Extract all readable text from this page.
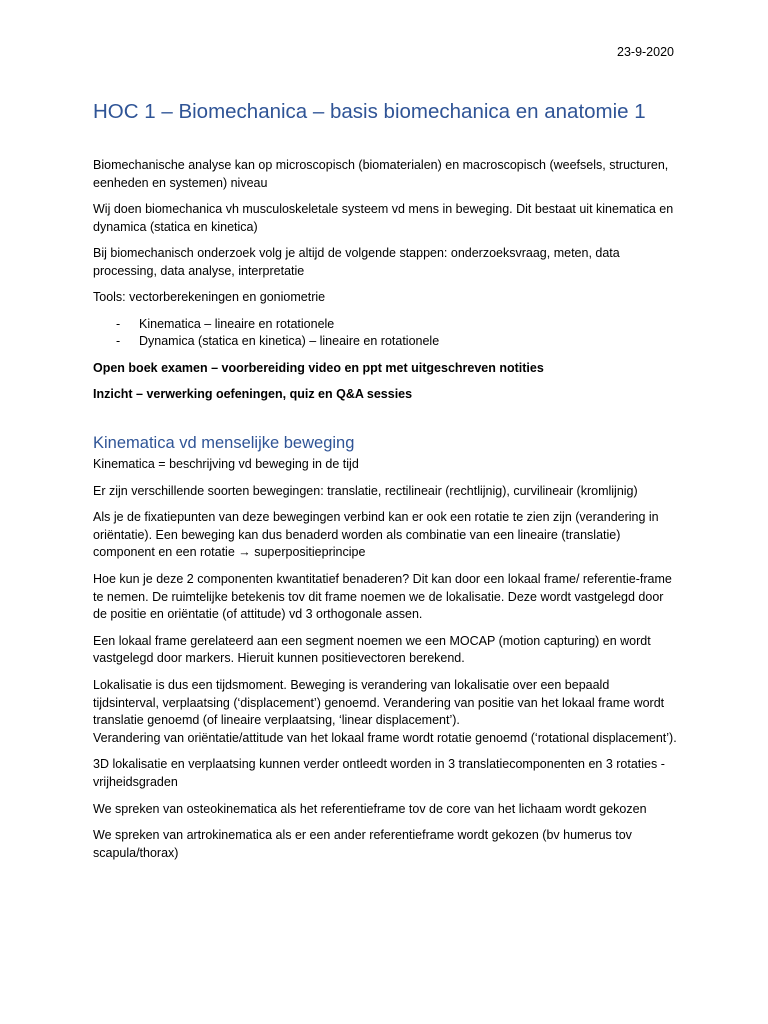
23-9-2020
HOC 1 – Biomechanica – basis biomechanica en anatomie 1

Biomechanische analyse kan op microscopisch (biomaterialen) en macroscopisch (weefsels, structuren, eenheden en systemen) niveau

Wij doen biomechanica vh musculoskeletale systeem vd mens in beweging. Dit bestaat uit kinematica en dynamica (statica en kinetica)

Bij biomechanisch onderzoek volg je altijd de volgende stappen: onderzoeksvraag, meten, data processing, data analyse, interpretatie

Tools: vectorberekeningen en goniometrie

- Kinematica – lineaire en rotationele
- Dynamica (statica en kinetica) – lineaire en rotationele

Open boek examen – voorbereiding video en ppt met uitgeschreven notities

Inzicht – verwerking oefeningen, quiz en Q&A sessies

Kinematica vd menselijke beweging

Kinematica = beschrijving vd beweging in de tijd

Er zijn verschillende soorten bewegingen: translatie, rectilineair (rechtlijnig), curvilineair (kromlijnig)

Als je de fixatiepunten van deze bewegingen verbind kan er ook een rotatie te zien zijn (verandering in oriëntatie). Een beweging kan dus benaderd worden als combinatie van een lineaire (translatie) component en een rotatie → superpositieprincipe

Hoe kun je deze 2 componenten kwantitatief benaderen? Dit kan door een lokaal frame/ referentie-frame te nemen. De ruimtelijke betekenis tov dit frame noemen we de lokalisatie. Deze wordt vastgelegd door de positie en oriëntatie (of attitude) vd 3 orthogonale assen.

Een lokaal frame gerelateerd aan een segment noemen we een MOCAP (motion capturing) en wordt vastgelegd door markers. Hieruit kunnen positievectoren berekend.

Lokalisatie is dus een tijdsmoment. Beweging is verandering van lokalisatie over een bepaald tijdsinterval, verplaatsing (‘displacement’) genoemd. Verandering van positie van het lokaal frame wordt translatie genoemd (of lineaire verplaatsing, ‘linear displacement’).
Verandering van oriëntatie/attitude van het lokaal frame wordt rotatie genoemd (‘rotational displacement’).

3D lokalisatie en verplaatsing kunnen verder ontleedt worden in 3 translatiecomponenten en 3 rotaties - vrijheidsgraden

We spreken van osteokinematica als het referentieframe tov de core van het lichaam wordt gekozen

We spreken van artrokinematica als er een ander referentieframe wordt gekozen (bv humerus tov scapula/thorax)
